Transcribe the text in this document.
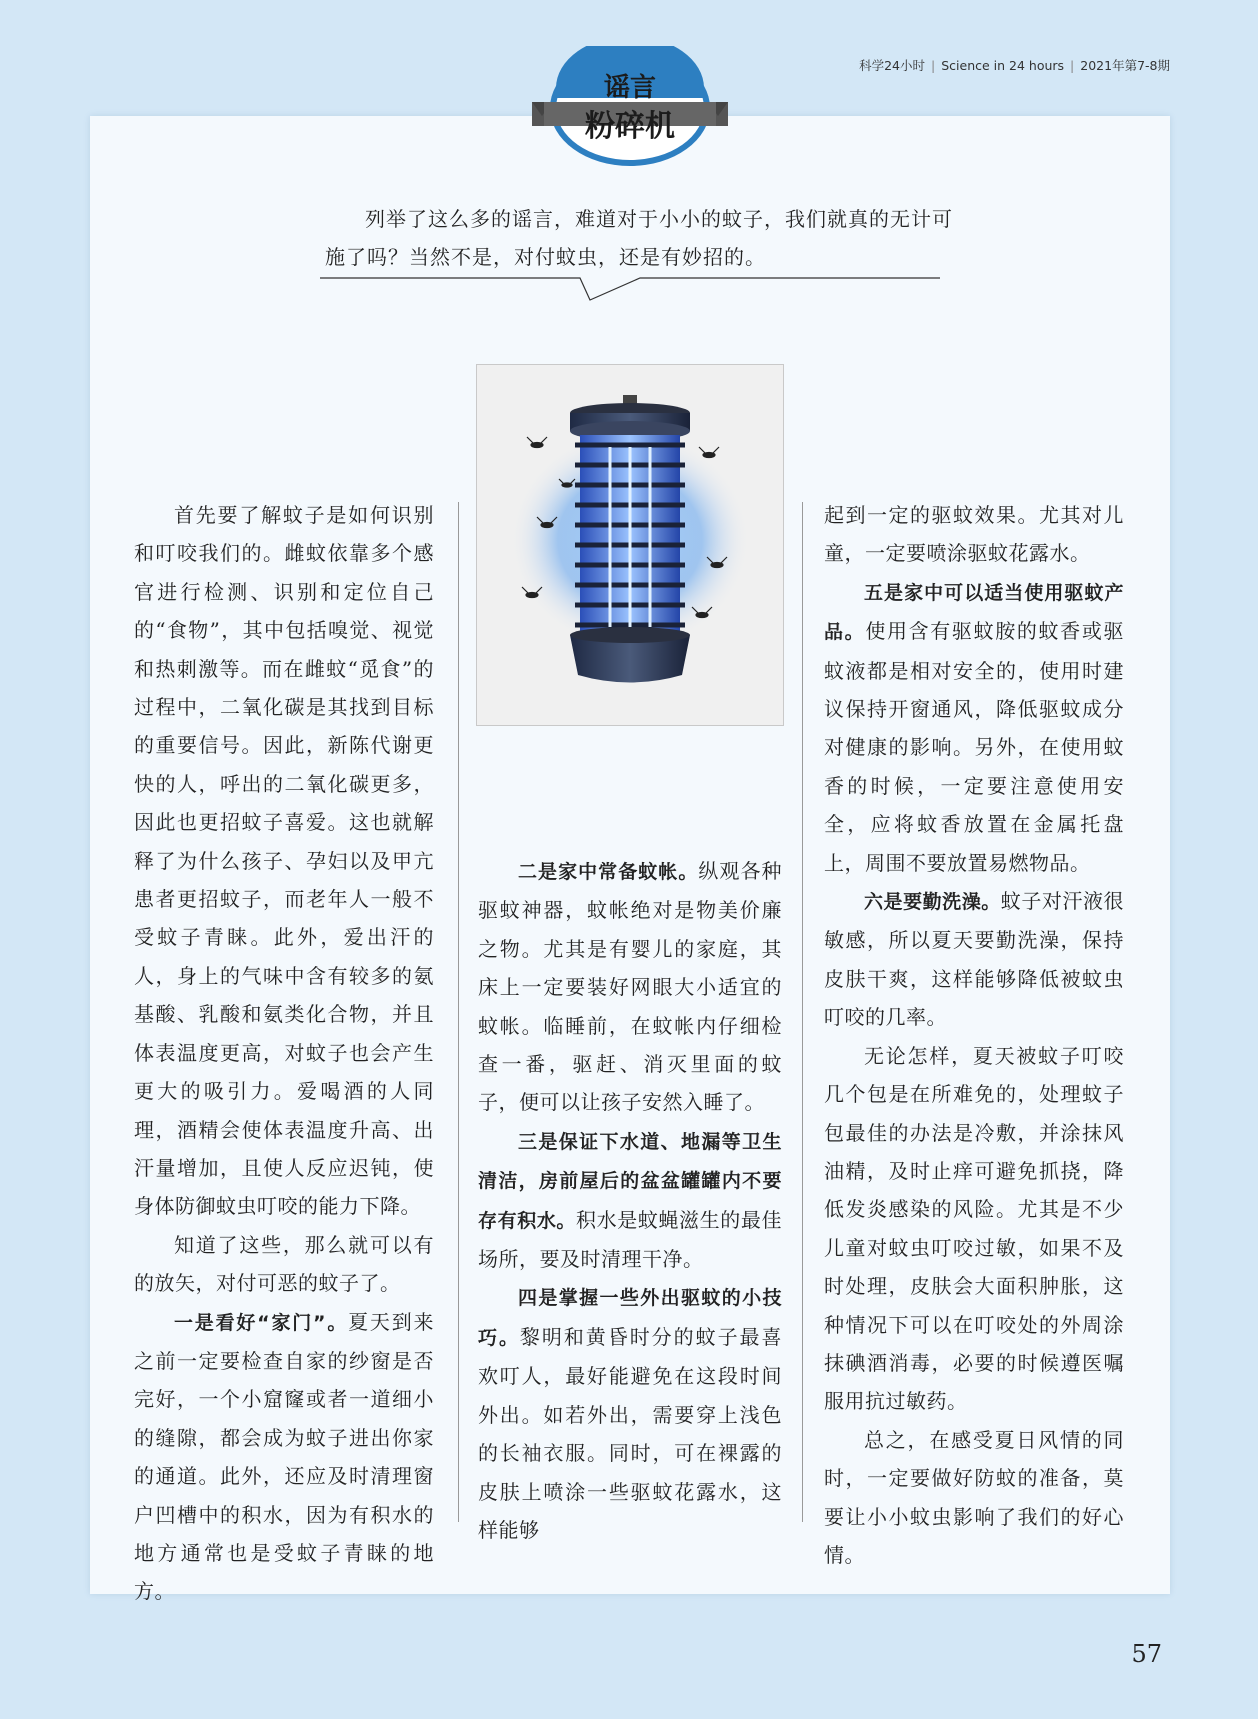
科学24小时 | Science in 24 hours | 2021年第7-8期
列举了这么多的谣言，难道对于小小的蚊子，我们就真的无计可施了吗？当然不是，对付蚊虫，还是有妙招的。

首先要了解蚊子是如何识别和叮咬我们的。雌蚊依靠多个感官进行检测、识别和定位自己的“食物”，其中包括嗅觉、视觉和热刺激等。而在雌蚊“觅食”的过程中，二氧化碳是其找到目标的重要信号。因此，新陈代谢更快的人，呼出的二氧化碳更多，因此也更招蚊子喜爱。这也就解释了为什么孩子、孕妇以及甲亢患者更招蚊子，而老年人一般不受蚊子青睐。此外，爱出汗的人，身上的气味中含有较多的氨基酸、乳酸和氨类化合物，并且体表温度更高，对蚊子也会产生更大的吸引力。爱喝酒的人同理，酒精会使体表温度升高、出汗量增加，且使人反应迟钝，使身体防御蚊虫叮咬的能力下降。

知道了这些，那么就可以有的放矢，对付可恶的蚊子了。

一是看好“家门”。夏天到来之前一定要检查自家的纱窗是否完好，一个小窟窿或者一道细小的缝隙，都会成为蚊子进出你家的通道。此外，还应及时清理窗户凹槽中的积水，因为有积水的地方通常也是受蚊子青睐的地方。

二是家中常备蚊帐。纵观各种驱蚊神器，蚊帐绝对是物美价廉之物。尤其是有婴儿的家庭，其床上一定要装好网眼大小适宜的蚊帐。临睡前，在蚊帐内仔细检查一番，驱赶、消灭里面的蚊子，便可以让孩子安然入睡了。

三是保证下水道、地漏等卫生清洁，房前屋后的盆盆罐罐内不要存有积水。积水是蚊蝇滋生的最佳场所，要及时清理干净。

四是掌握一些外出驱蚊的小技巧。黎明和黄昏时分的蚊子最喜欢叮人，最好能避免在这段时间外出。如若外出，需要穿上浅色的长袖衣服。同时，可在裸露的皮肤上喷涂一些驱蚊花露水，这样能够

起到一定的驱蚊效果。尤其对儿童，一定要喷涂驱蚊花露水。

五是家中可以适当使用驱蚊产品。使用含有驱蚊胺的蚊香或驱蚊液都是相对安全的，使用时建议保持开窗通风，降低驱蚊成分对健康的影响。另外，在使用蚊香的时候，一定要注意使用安全，应将蚊香放置在金属托盘上，周围不要放置易燃物品。

六是要勤洗澡。蚊子对汗液很敏感，所以夏天要勤洗澡，保持皮肤干爽，这样能够降低被蚊虫叮咬的几率。

无论怎样，夏天被蚊子叮咬几个包是在所难免的，处理蚊子包最佳的办法是冷敷，并涂抹风油精，及时止痒可避免抓挠，降低发炎感染的风险。尤其是不少儿童对蚊虫叮咬过敏，如果不及时处理，皮肤会大面积肿胀，这种情况下可以在叮咬处的外周涂抹碘酒消毒，必要的时候遵医嘱服用抗过敏药。

总之，在感受夏日风情的同时，一定要做好防蚊的准备，莫要让小小蚊虫影响了我们的好心情。

谣言
粉碎机
57
